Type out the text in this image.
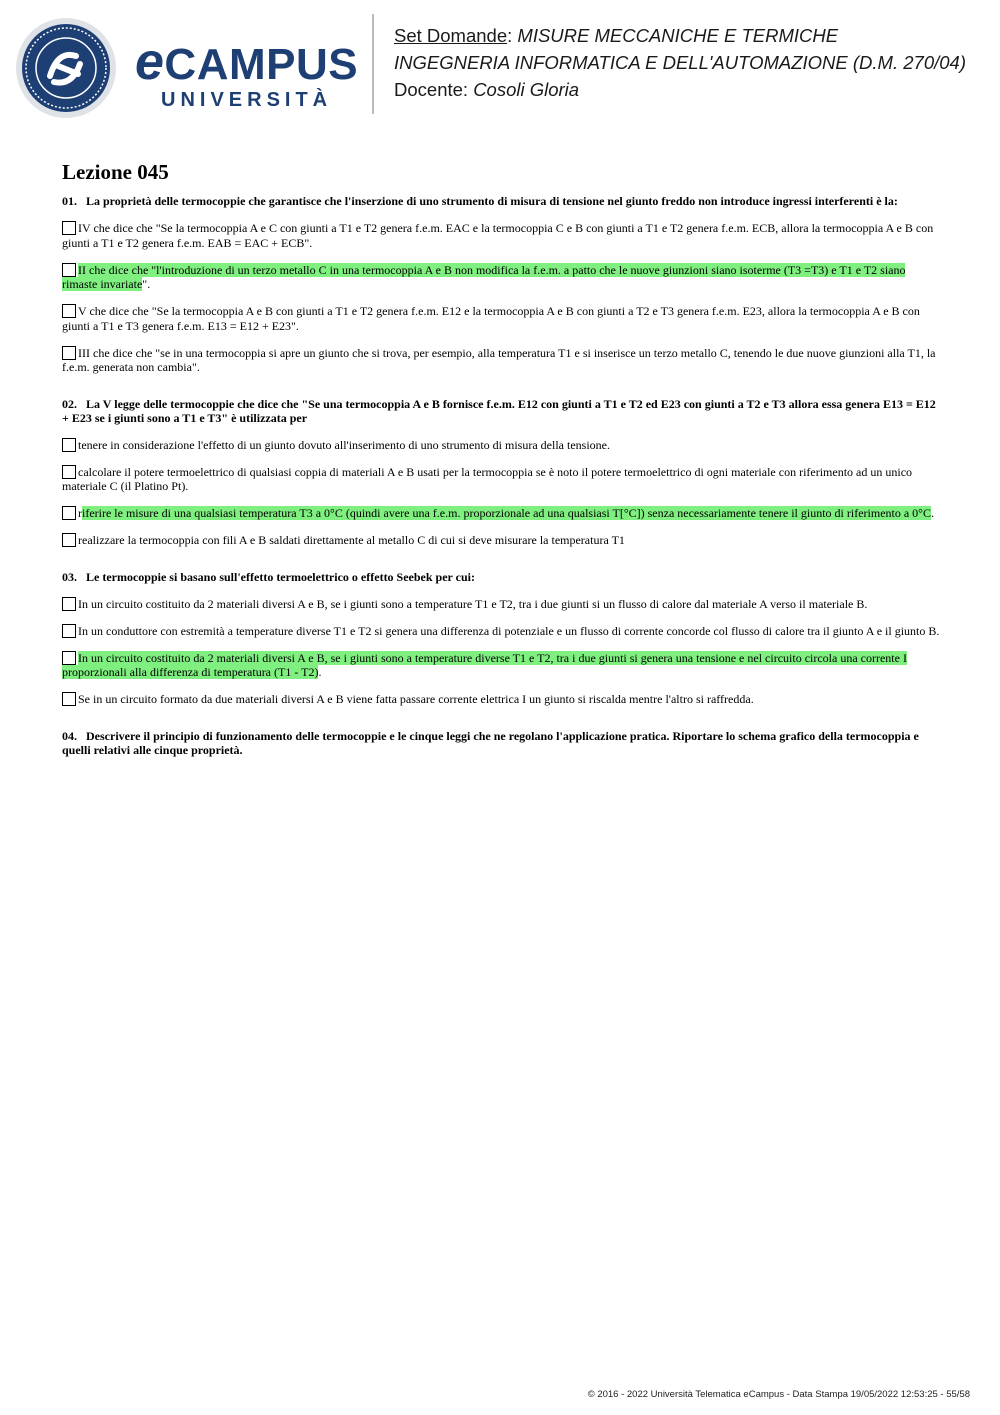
eCAMPUS
UNIVERSITÀ
Set Domande: MISURE MECCANICHE E TERMICHE
INGEGNERIA INFORMATICA E DELL'AUTOMAZIONE (D.M. 270/04)
Docente: Cosoli Gloria
Lezione 045
01. La proprietà delle termocoppie che garantisce che l'inserzione di uno strumento di misura di tensione nel giunto freddo non introduce ingressi interferenti è la:
IV che dice che "Se la termocoppia A e C con giunti a T1 e T2 genera f.e.m. EAC e la termocoppia C e B con giunti a T1 e T2 genera f.e.m. ECB, allora la termocoppia A e B con giunti a T1 e T2 genera f.e.m. EAB = EAC + ECB".
II che dice che "l'introduzione di un terzo metallo C in una termocoppia A e B non modifica la f.e.m. a patto che le nuove giunzioni siano isoterme (T3 =T3) e T1 e T2 siano rimaste invariate".
V che dice che "Se la termocoppia A e B con giunti a T1 e T2 genera f.e.m. E12 e la termocoppia A e B con giunti a T2 e T3 genera f.e.m. E23, allora la termocoppia A e B con giunti a T1 e T3 genera f.e.m. E13 = E12 + E23".
III che dice che "se in una termocoppia si apre un giunto che si trova, per esempio, alla temperatura T1 e si inserisce un terzo metallo C, tenendo le due nuove giunzioni alla T1, la f.e.m. generata non cambia".
02. La V legge delle termocoppie che dice che "Se una termocoppia A e B fornisce f.e.m. E12 con giunti a T1 e T2 ed E23 con giunti a T2 e T3 allora essa genera E13 = E12 + E23 se i giunti sono a T1 e T3" è utilizzata per
tenere in considerazione l'effetto di un giunto dovuto all'inserimento di uno strumento di misura della tensione.
calcolare il potere termoelettrico di qualsiasi coppia di materiali A e B usati per la termocoppia se è noto il potere termoelettrico di ogni materiale con riferimento ad un unico materiale C (il Platino Pt).
riferire le misure di una qualsiasi temperatura T3 a 0°C (quindi avere una f.e.m. proporzionale ad una qualsiasi T[°C]) senza necessariamente tenere il giunto di riferimento a 0°C.
realizzare la termocoppia con fili A e B saldati direttamente al metallo C di cui si deve misurare la temperatura T1
03. Le termocoppie si basano sull'effetto termoelettrico o effetto Seebek per cui:
In un circuito costituito da 2 materiali diversi A e B, se i giunti sono a temperature T1 e T2, tra i due giunti si un flusso di calore dal materiale A verso il materiale B.
In un conduttore con estremità a temperature diverse T1 e T2 si genera una differenza di potenziale e un flusso di corrente concorde col flusso di calore tra il giunto A e il giunto B.
In un circuito costituito da 2 materiali diversi A e B, se i giunti sono a temperature diverse T1 e T2, tra i due giunti si genera una tensione e nel circuito circola una corrente I proporzionali alla differenza di temperatura (T1 - T2).
Se in un circuito formato da due materiali diversi A e B viene fatta passare corrente elettrica I un giunto si riscalda mentre l'altro si raffredda.
04. Descrivere il principio di funzionamento delle termocoppie e le cinque leggi che ne regolano l'applicazione pratica. Riportare lo schema grafico della termocoppia e quelli relativi alle cinque proprietà.
© 2016 - 2022 Università Telematica eCampus - Data Stampa 19/05/2022 12:53:25 - 55/58
